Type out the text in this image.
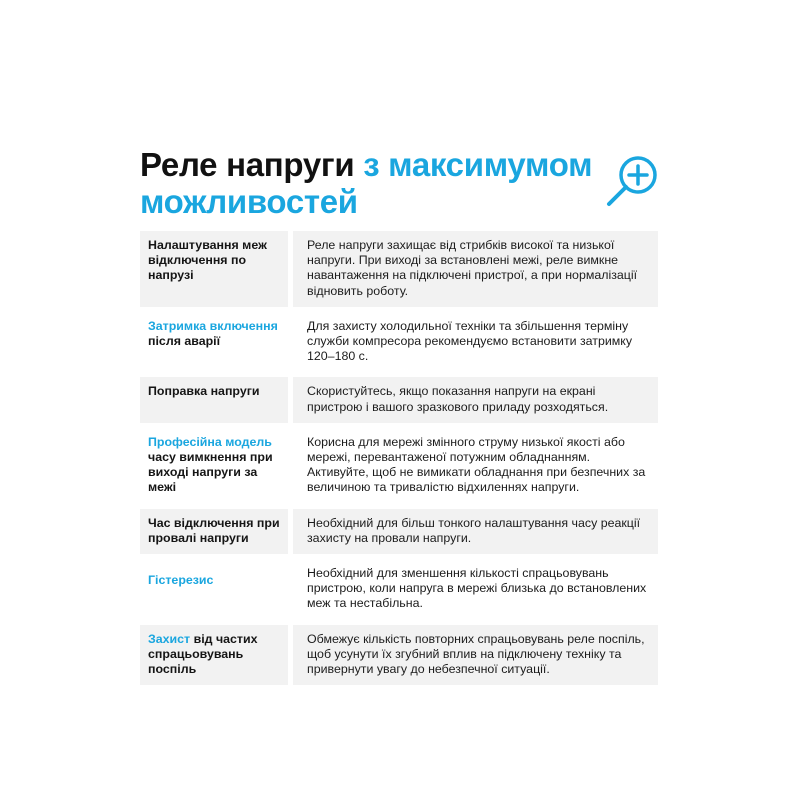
Реле напруги з максимумом можливостей
Налаштування меж відключення по напрузі
Реле напруги захищає від стрибків високої та низької напруги. При виході за встановлені межі, реле вимкне навантаження на підключені пристрої, а при нормалізації відновить роботу.
Затримка включення після аварії
Для захисту холодильної техніки та збільшення терміну служби компресора рекомендуємо встановити затримку 120–180 с.
Поправка напруги	Скористуйтесь, якщо показання напруги на екрані пристрою і вашого зразкового приладу розходяться.
Професійна модель часу вимкнення при виході напруги за межі
Корисна для мережі змінного струму низької якості або мережі, перевантаженої потужним обладнанням. Активуйте, щоб не вимикати обладнання при безпечних за величиною та тривалістю відхиленнях напруги.
Час відключення при провалі напруги
Необхідний для більш тонкого налаштування часу реакції захисту на провали напруги.
Гістерезис	Необхідний для зменшення кількості спрацьовувань пристрою, коли напруга в мережі близька до встановлених меж та нестабільна.
Захист від частих спрацьовувань поспіль
Обмежує кількість повторних спрацьовувань реле поспіль, щоб усунути їх згубний вплив на підключену техніку та привернути увагу до небезпечної ситуації.
